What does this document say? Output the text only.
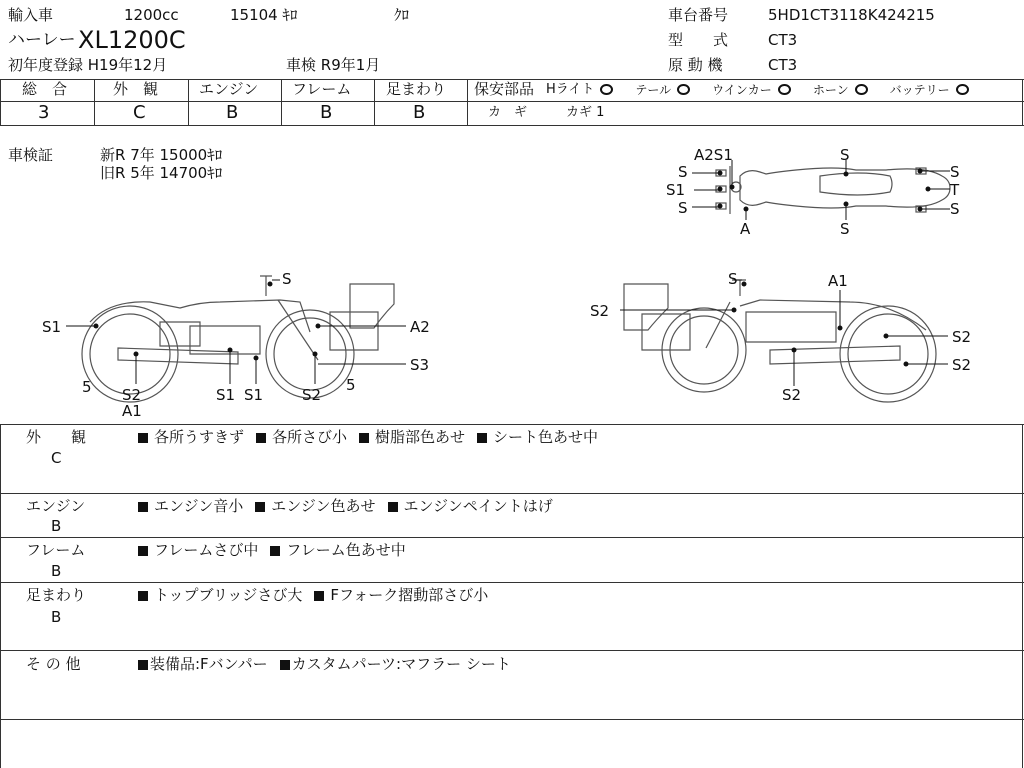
輸入車	1200cc	15104 ｷﾛ	ｸﾛ
ハーレー XL1200C
初年度登録 H19年12月	車検 R9年1月
車台番号	5HD1CT3118K424215
型　　式	CT3
原 動 機	CT3
総　合	外　観	エンジン フレーム 足まわり
3	C	B	B	B
保安部品 Hライト	テール	ウインカー	ホーン	バッテリー
カ　ギ	カギ 1
車検証	新R 7年 15000ｷﾛ
旧R 5年 14700ｷﾛ
A2S1	S
S
S1
S
S
T
S
A	S
S
S1	A2
S3
5	5
S2
A1
S1 S1	S2
S	A1
S2
S2
S2
S2
外　　観
C
各所うすきず 各所さび小 樹脂部色あせ シート色あせ中
エンジン
B
エンジン音小 エンジン色あせ エンジンペイントはげ
フレーム
B
フレームさび中 フレーム色あせ中
足まわり
B
トップブリッジさび大 Fフォーク摺動部さび小
そ の 他	装備品:Fバンパー カスタムパーツ:マフラー シート
